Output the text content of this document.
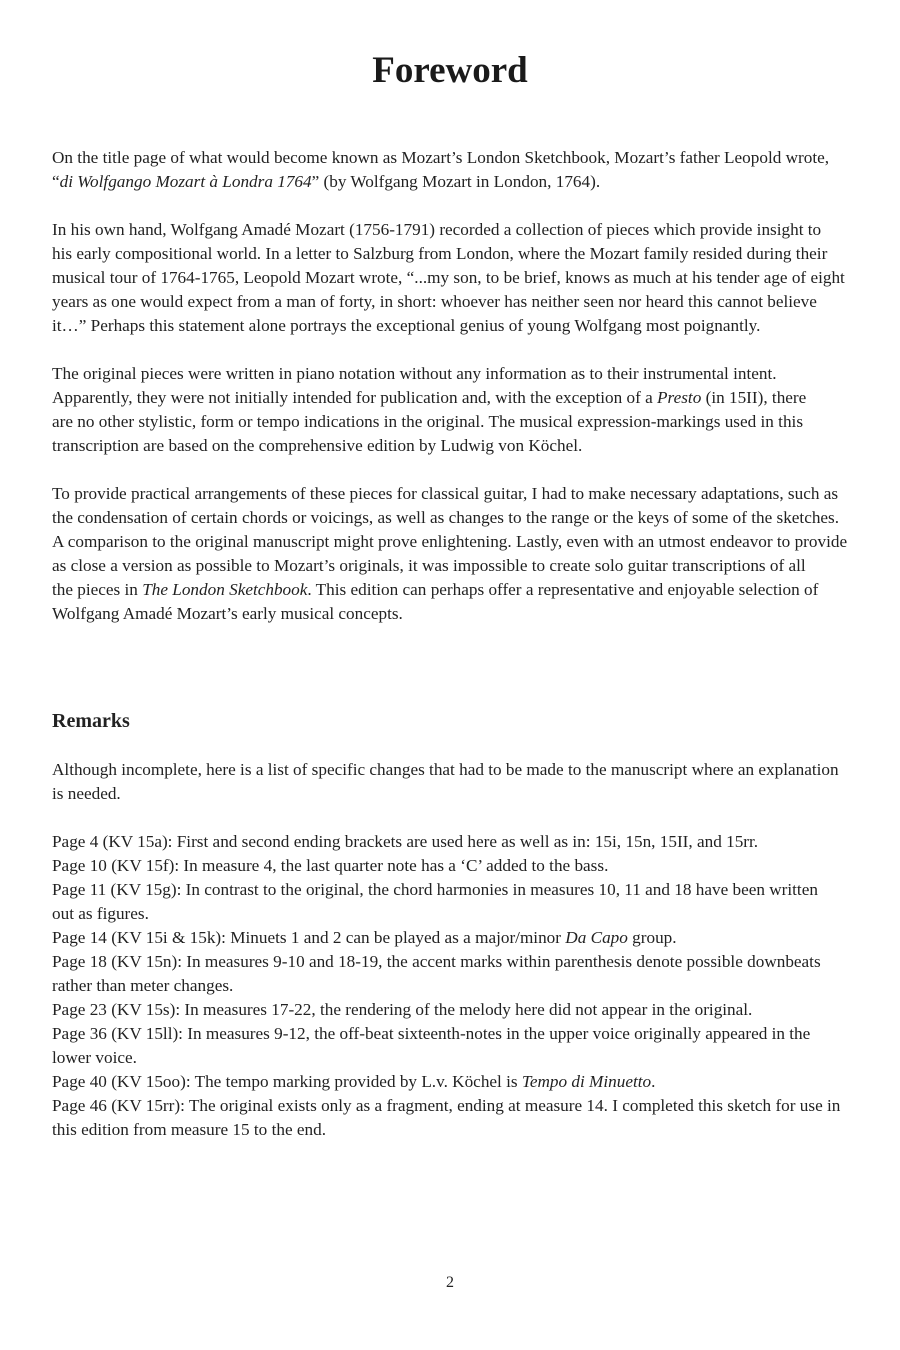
Foreword

On the title page of what would become known as Mozart’s London Sketchbook, Mozart’s father Leopold wrote,

“di Wolfgango Mozart à Londra 1764” (by Wolfgang Mozart in London, 1764).

In his own hand, Wolfgang Amadé Mozart (1756-1791) recorded a collection of pieces which provide insight to

his early compositional world. In a letter to Salzburg from London, where the Mozart family resided during their

musical tour of 1764-1765, Leopold Mozart wrote, “...my son, to be brief, knows as much at his tender age of eight

years as one would expect from a man of forty, in short: whoever has neither seen nor heard this cannot believe

it…” Perhaps this statement alone portrays the exceptional genius of young Wolfgang most poignantly.

The original pieces were written in piano notation without any information as to their instrumental intent.

Apparently, they were not initially intended for publication and, with the exception of a Presto (in 15II), there

are no other stylistic, form or tempo indications in the original. The musical expression-markings used in this

transcription are based on the comprehensive edition by Ludwig von Köchel.

To provide practical arrangements of these pieces for classical guitar, I had to make necessary adaptations, such as

the condensation of certain chords or voicings, as well as changes to the range or the keys of some of the sketches.

A comparison to the original manuscript might prove enlightening. Lastly, even with an utmost endeavor to provide

as close a version as possible to Mozart’s originals, it was impossible to create solo guitar transcriptions of all

the pieces in The London Sketchbook. This edition can perhaps offer a representative and enjoyable selection of

Wolfgang Amadé Mozart’s early musical concepts.

Remarks

Although incomplete, here is a list of specific changes that had to be made to the manuscript where an explanation

is needed.

Page 4 (KV 15a): First and second ending brackets are used here as well as in: 15i, 15n, 15II, and 15rr.

Page 10 (KV 15f): In measure 4, the last quarter note has a ‘C’ added to the bass.

Page 11 (KV 15g): In contrast to the original, the chord harmonies in measures 10, 11 and 18 have been written

out as figures.

Page 14 (KV 15i & 15k): Minuets 1 and 2 can be played as a major/minor Da Capo group.

Page 18 (KV 15n): In measures 9-10 and 18-19, the accent marks within parenthesis denote possible downbeats

rather than meter changes.

Page 23 (KV 15s): In measures 17-22, the rendering of the melody here did not appear in the original.

Page 36 (KV 15ll): In measures 9-12, the off-beat sixteenth-notes in the upper voice originally appeared in the

lower voice.

Page 40 (KV 15oo): The tempo marking provided by L.v. Köchel is Tempo di Minuetto.

Page 46 (KV 15rr): The original exists only as a fragment, ending at measure 14. I completed this sketch for use in

this edition from measure 15 to the end.

2
